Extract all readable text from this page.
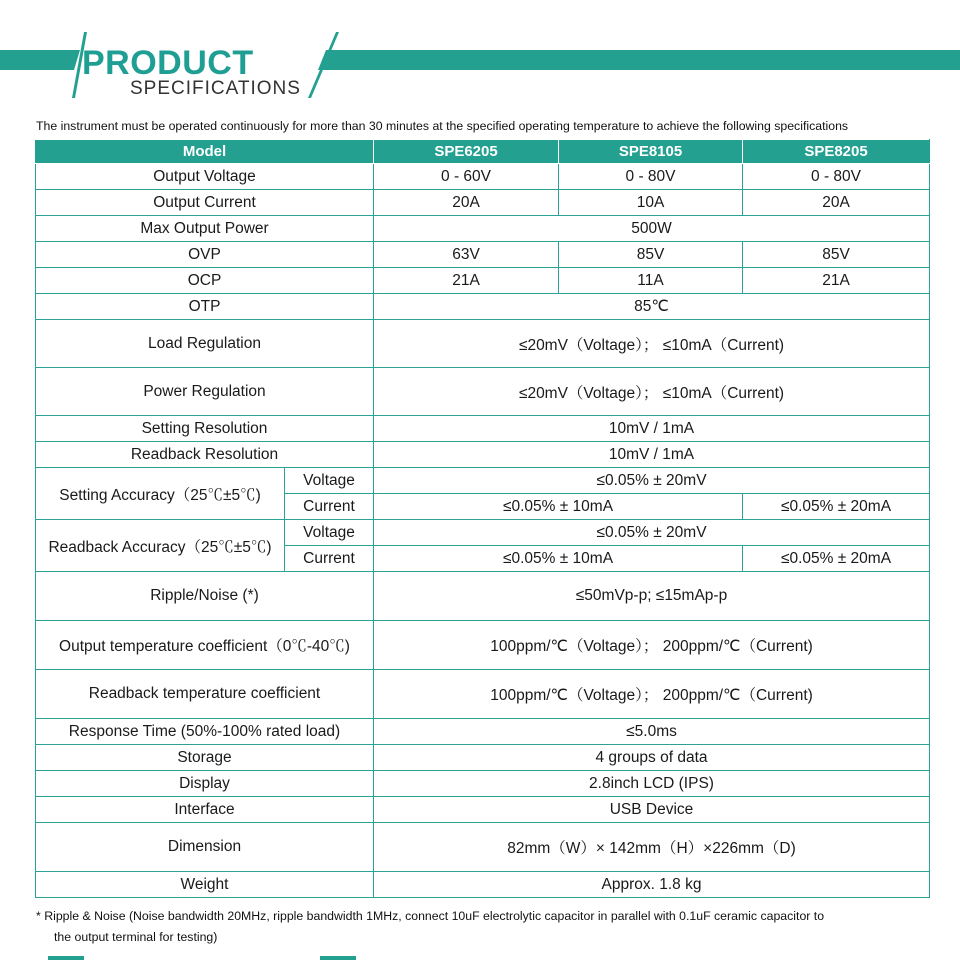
PRODUCT
SPECIFICATIONS
The instrument must be operated continuously for more than 30 minutes at the specified operating temperature to achieve the following specifications
Model		SPE6205	SPE8105	SPE8205
Output Voltage		0 - 60V	0 - 80V	0 - 80V
Output Current		20A	10A	20A
Max Output Power		500W		
OVP		63V	85V	85V
OCP		21A	11A	21A
OTP		85℃		
Load Regulation		≤20mV（Voltage）； ≤10mA（Current)		
Power Regulation		≤20mV（Voltage）； ≤10mA（Current)		
Setting Resolution		10mV / 1mA		
Readback Resolution		10mV / 1mA		
Setting Accuracy（25℃±5℃)	Voltage	≤0.05% ± 20mV		
	Current	≤0.05% ± 10mA		≤0.05% ± 20mA
Readback Accuracy（25℃±5℃)	Voltage	≤0.05% ± 20mV		
	Current	≤0.05% ± 10mA		≤0.05% ± 20mA
Ripple/Noise (*)		≤50mVp-p; ≤15mAp-p		
Output temperature coefficient（0℃-40℃)		100ppm/℃（Voltage）； 200ppm/℃（Current)		
Readback temperature coefficient		100ppm/℃（Voltage）； 200ppm/℃（Current)		
Response Time (50%-100% rated load)		≤5.0ms		
Storage		4 groups of data		
Display		2.8inch LCD (IPS)		
Interface		USB Device		
Dimension		82mm（W）× 142mm（H）×226mm（D)		
Weight		Approx. 1.8 kg		
* Ripple & Noise (Noise bandwidth 20MHz, ripple bandwidth 1MHz, connect 10uF electrolytic capacitor in parallel with 0.1uF ceramic capacitor to
the output terminal for testing)
